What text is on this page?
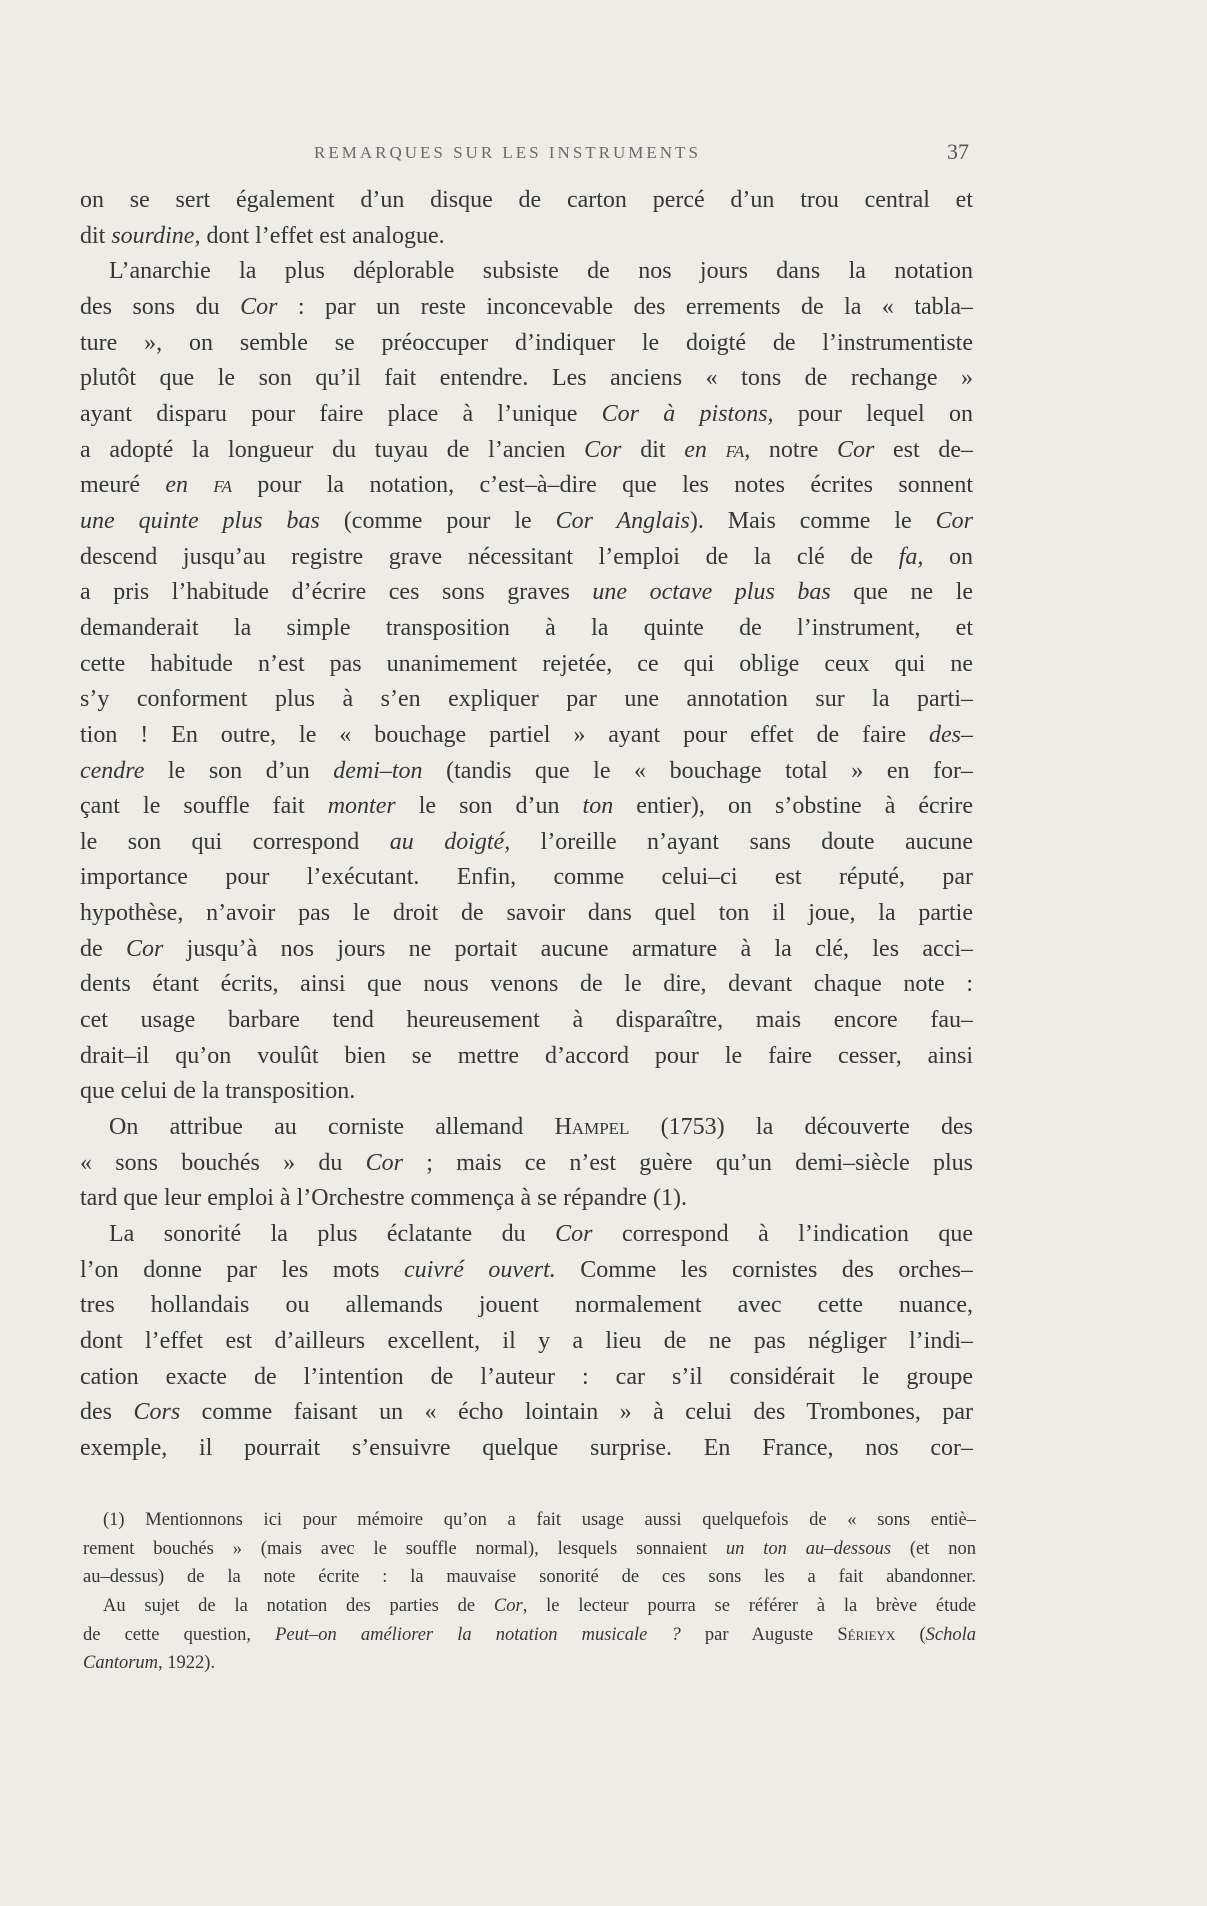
REMARQUES SUR LES INSTRUMENTS	37
on se sert également d’un disque de carton percé d’un trou central et
dit sourdine, dont l’effet est analogue.
L’anarchie la plus déplorable subsiste de nos jours dans la notation
des sons du Cor : par un reste inconcevable des errements de la « tabla–
ture », on semble se préoccuper d’indiquer le doigté de l’instrumentiste
plutôt que le son qu’il fait entendre. Les anciens « tons de rechange »
ayant disparu pour faire place à l’unique Cor à pistons, pour lequel on
a adopté la longueur du tuyau de l’ancien Cor dit en fa, notre Cor est de–
meuré en fa pour la notation, c’est–à–dire que les notes écrites sonnent
une quinte plus bas (comme pour le Cor Anglais). Mais comme le Cor
descend jusqu’au registre grave nécessitant l’emploi de la clé de fa, on
a pris l’habitude d’écrire ces sons graves une octave plus bas que ne le
demanderait la simple transposition à la quinte de l’instrument, et
cette habitude n’est pas unanimement rejetée, ce qui oblige ceux qui ne
s’y conforment plus à s’en expliquer par une annotation sur la parti–
tion ! En outre, le « bouchage partiel » ayant pour effet de faire des–
cendre le son d’un demi–ton (tandis que le « bouchage total » en for–
çant le souffle fait monter le son d’un ton entier), on s’obstine à écrire
le son qui correspond au doigté, l’oreille n’ayant sans doute aucune
importance pour l’exécutant. Enfin, comme celui–ci est réputé, par
hypothèse, n’avoir pas le droit de savoir dans quel ton il joue, la partie
de Cor jusqu’à nos jours ne portait aucune armature à la clé, les acci–
dents étant écrits, ainsi que nous venons de le dire, devant chaque note :
cet usage barbare tend heureusement à disparaître, mais encore fau–
drait–il qu’on voulût bien se mettre d’accord pour le faire cesser, ainsi
que celui de la transposition.
On attribue au corniste allemand Hampel (1753) la découverte des
« sons bouchés » du Cor ; mais ce n’est guère qu’un demi–siècle plus
tard que leur emploi à l’Orchestre commença à se répandre (1).
La sonorité la plus éclatante du Cor correspond à l’indication que
l’on donne par les mots cuivré ouvert. Comme les cornistes des orches–
tres hollandais ou allemands jouent normalement avec cette nuance,
dont l’effet est d’ailleurs excellent, il y a lieu de ne pas négliger l’indi–
cation exacte de l’intention de l’auteur : car s’il considérait le groupe
des Cors comme faisant un « écho lointain » à celui des Trombones, par
exemple, il pourrait s’ensuivre quelque surprise. En France, nos cor–
(1) Mentionnons ici pour mémoire qu’on a fait usage aussi quelquefois de « sons entiè–
rement bouchés » (mais avec le souffle normal), lesquels sonnaient un ton au–dessous (et non
au–dessus) de la note écrite : la mauvaise sonorité de ces sons les a fait abandonner.
Au sujet de la notation des parties de Cor, le lecteur pourra se référer à la brève étude
de cette question, Peut–on améliorer la notation musicale ? par Auguste Sérieyx (Schola
Cantorum, 1922).
